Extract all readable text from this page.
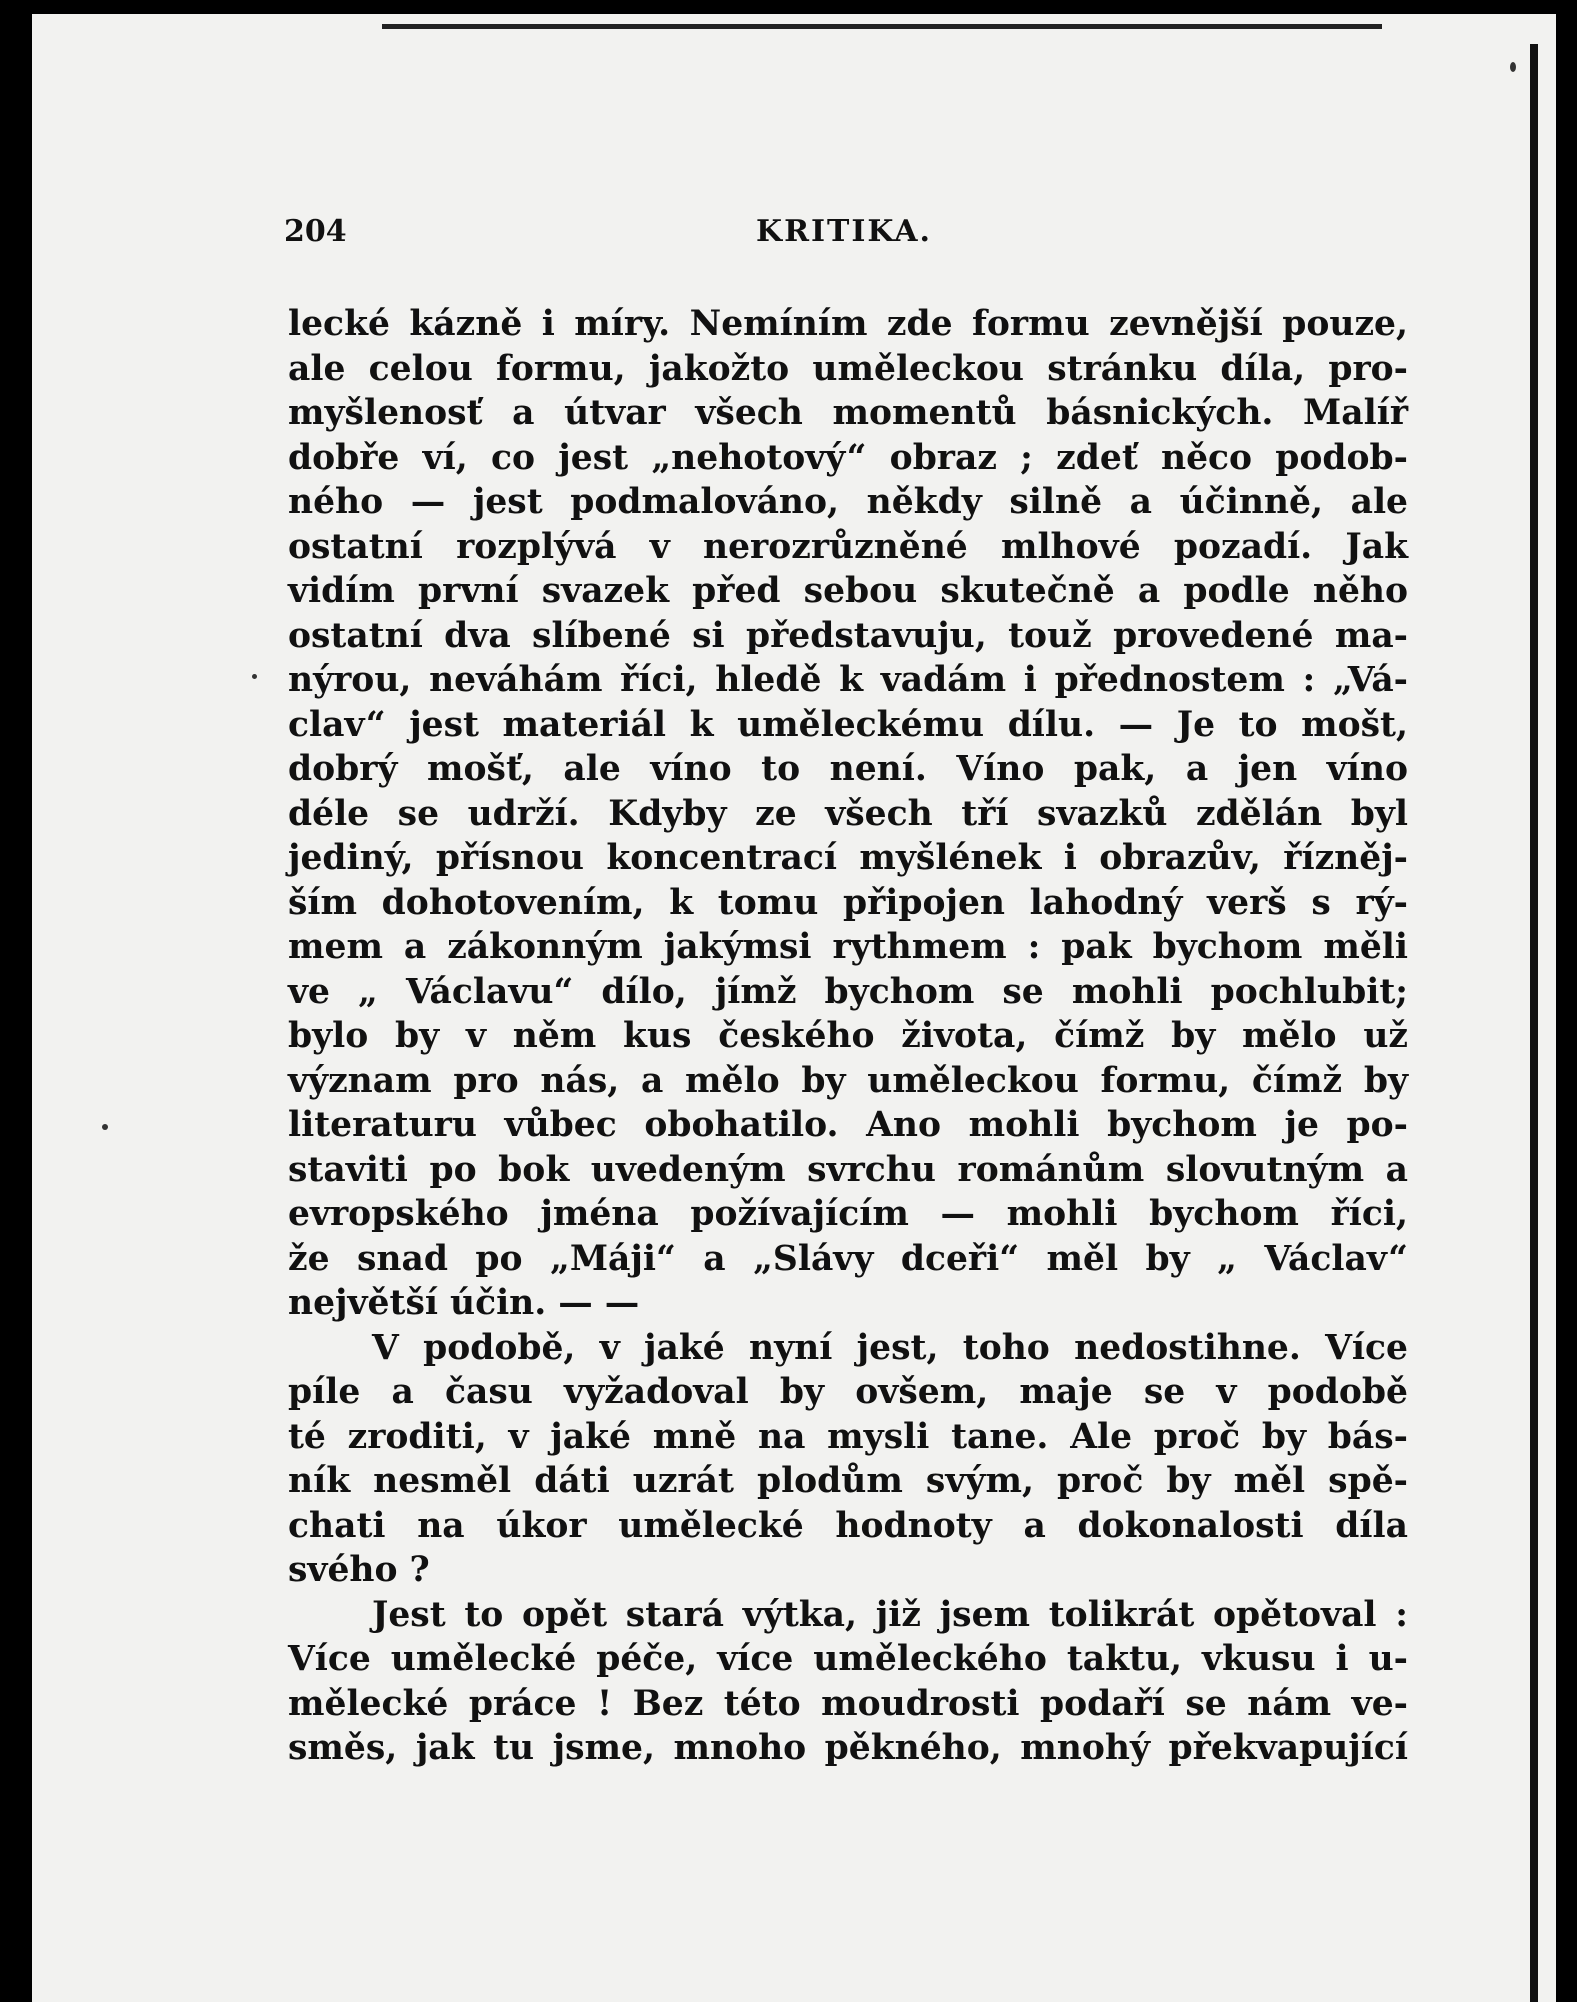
204	KRITIKA.
lecké kázně i míry. Nemíním zde formu zevnější pouze,
ale celou formu, jakožto uměleckou stránku díla, pro-
myšlenosť a útvar všech momentů básnických. Malíř
dobře ví, co jest „nehotový“ obraz ; zdeť něco podob-
ného — jest podmalováno, někdy silně a účinně, ale
ostatní rozplývá v nerozrůzněné mlhové pozadí. Jak
vidím první svazek před sebou skutečně a podle něho
ostatní dva slíbené si představuju, touž provedené ma-
nýrou, neváhám říci, hledě k vadám i přednostem : „Vá-
clav“ jest materiál k uměleckému dílu. — Je to mošt,
dobrý mošť, ale víno to není. Víno pak, a jen víno
déle se udrží. Kdyby ze všech tří svazků zdělán byl
jediný, přísnou koncentrací myšlének i obrazův, řízněj-
ším dohotovením, k tomu připojen lahodný verš s rý-
mem a zákonným jakýmsi rythmem : pak bychom měli
ve „ Václavu“ dílo, jímž bychom se mohli pochlubit;
bylo by v něm kus českého života, čímž by mělo už
význam pro nás, a mělo by uměleckou formu, čímž by
literaturu vůbec obohatilo. Ano mohli bychom je po-
staviti po bok uvedeným svrchu románům slovutným a
evropského jména požívajícím — mohli bychom říci,
že snad po „Máji“ a „Slávy dceři“ měl by „ Václav“
největší účin. — —
V podobě, v jaké nyní jest, toho nedostihne. Více
píle a času vyžadoval by ovšem, maje se v podobě
té zroditi, v jaké mně na mysli tane. Ale proč by bás-
ník nesměl dáti uzrát plodům svým, proč by měl spě-
chati na úkor umělecké hodnoty a dokonalosti díla
svého ?
Jest to opět stará výtka, již jsem tolikrát opětoval :
Více umělecké péče, více uměleckého taktu, vkusu i u-
mělecké práce ! Bez této moudrosti podaří se nám ve-
směs, jak tu jsme, mnoho pěkného, mnohý překvapující
